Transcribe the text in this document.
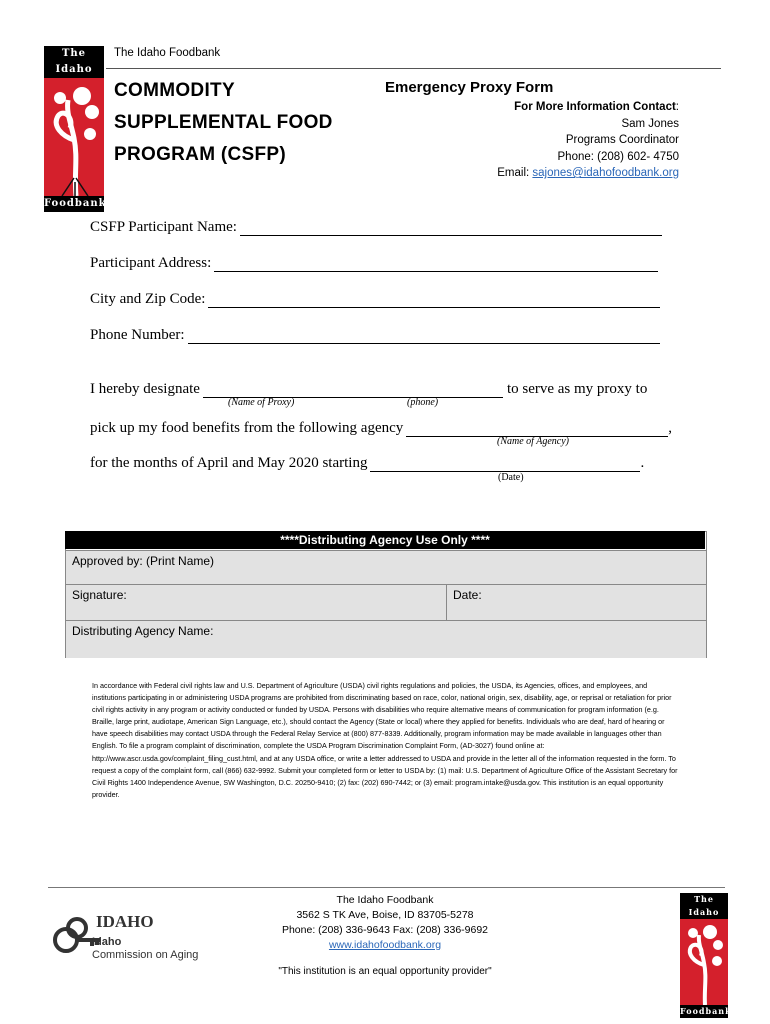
The Idaho
Foodbank
The Idaho Foodbank
COMMODITY
SUPPLEMENTAL FOOD
PROGRAM (CSFP)
Emergency Proxy Form
For More Information Contact:
Sam Jones
Programs Coordinator
Phone: (208) 602- 4750
Email: sajones@idahofoodbank.org
CSFP Participant Name:
Participant Address:
City and Zip Code:
Phone Number:
I hereby designate	to serve as my proxy to
(Name of Proxy)	(phone)
pick up my food benefits from the following agency	,
(Name of Agency)
for the months of April and May 2020 starting	.
(Date)
Approved by: (Print Name)
Signature:	Date:
Distributing Agency Name:
****Distributing Agency Use Only ****
In accordance with Federal civil rights law and U.S. Department of Agriculture (USDA) civil rights regulations and policies, the USDA, its Agencies, offices, and employees, and institutions participating in or administering USDA programs are prohibited from discriminating based on race, color, national origin, sex, disability, age, or reprisal or retaliation for prior civil rights activity in any program or activity conducted or funded by USDA. Persons with disabilities who require alternative means of communication for program information (e.g. Braille, large print, audiotape, American Sign Language, etc.), should contact the Agency (State or local) where they applied for benefits. Individuals who are deaf, hard of hearing or have speech disabilities may contact USDA through the Federal Relay Service at (800) 877-8339. Additionally, program information may be made available in languages other than English. To file a program complaint of discrimination, complete the USDA Program Discrimination Complaint Form, (AD-3027) found online at: http://www.ascr.usda.gov/complaint_filing_cust.html, and at any USDA office, or write a letter addressed to USDA and provide in the letter all of the information requested in the form. To request a copy of the complaint form, call (866) 632-9992. Submit your completed form or letter to USDA by: (1) mail: U.S. Department of Agriculture Office of the Assistant Secretary for Civil Rights 1400 Independence Avenue, SW Washington, D.C. 20250-9410; (2) fax: (202) 690-7442; or (3) email: program.intake@usda.gov. This institution is an equal opportunity provider.
IDAHO
Idaho
Commission on Aging
The Idaho Foodbank
3562 S TK Ave, Boise, ID 83705-5278
Phone: (208) 336-9643 Fax: (208) 336-9692
www.idahofoodbank.org
"This institution is an equal opportunity provider"
The Idaho
Foodbank
